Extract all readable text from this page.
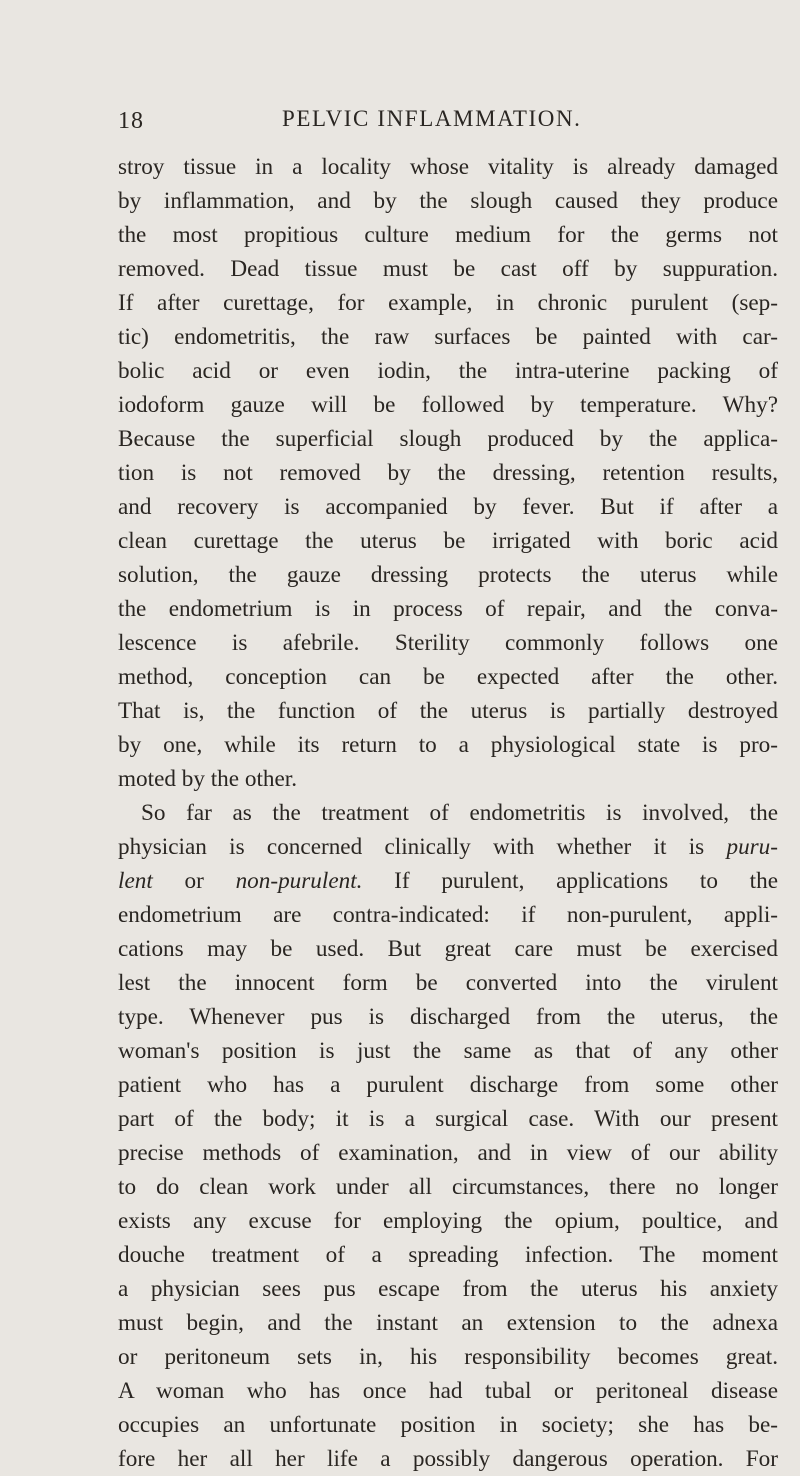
18	PELVIC INFLAMMATION.
stroy tissue in a locality whose vitality is already damaged
by inflammation, and by the slough caused they produce
the most propitious culture medium for the germs not
removed. Dead tissue must be cast off by suppuration.
If after curettage, for example, in chronic purulent (sep-
tic) endometritis, the raw surfaces be painted with car-
bolic acid or even iodin, the intra-uterine packing of
iodoform gauze will be followed by temperature. Why?
Because the superficial slough produced by the applica-
tion is not removed by the dressing, retention results,
and recovery is accompanied by fever. But if after a
clean curettage the uterus be irrigated with boric acid
solution, the gauze dressing protects the uterus while
the endometrium is in process of repair, and the conva-
lescence is afebrile. Sterility commonly follows one
method, conception can be expected after the other.
That is, the function of the uterus is partially destroyed
by one, while its return to a physiological state is pro-
moted by the other.
So far as the treatment of endometritis is involved, the
physician is concerned clinically with whether it is puru-
lent or non-purulent. If purulent, applications to the
endometrium are contra-indicated: if non-purulent, appli-
cations may be used. But great care must be exercised
lest the innocent form be converted into the virulent
type. Whenever pus is discharged from the uterus, the
woman's position is just the same as that of any other
patient who has a purulent discharge from some other
part of the body; it is a surgical case. With our present
precise methods of examination, and in view of our ability
to do clean work under all circumstances, there no longer
exists any excuse for employing the opium, poultice, and
douche treatment of a spreading infection. The moment
a physician sees pus escape from the uterus his anxiety
must begin, and the instant an extension to the adnexa
or peritoneum sets in, his responsibility becomes great.
A woman who has once had tubal or peritoneal disease
occupies an unfortunate position in society; she has be-
fore her all her life a possibly dangerous operation. For
